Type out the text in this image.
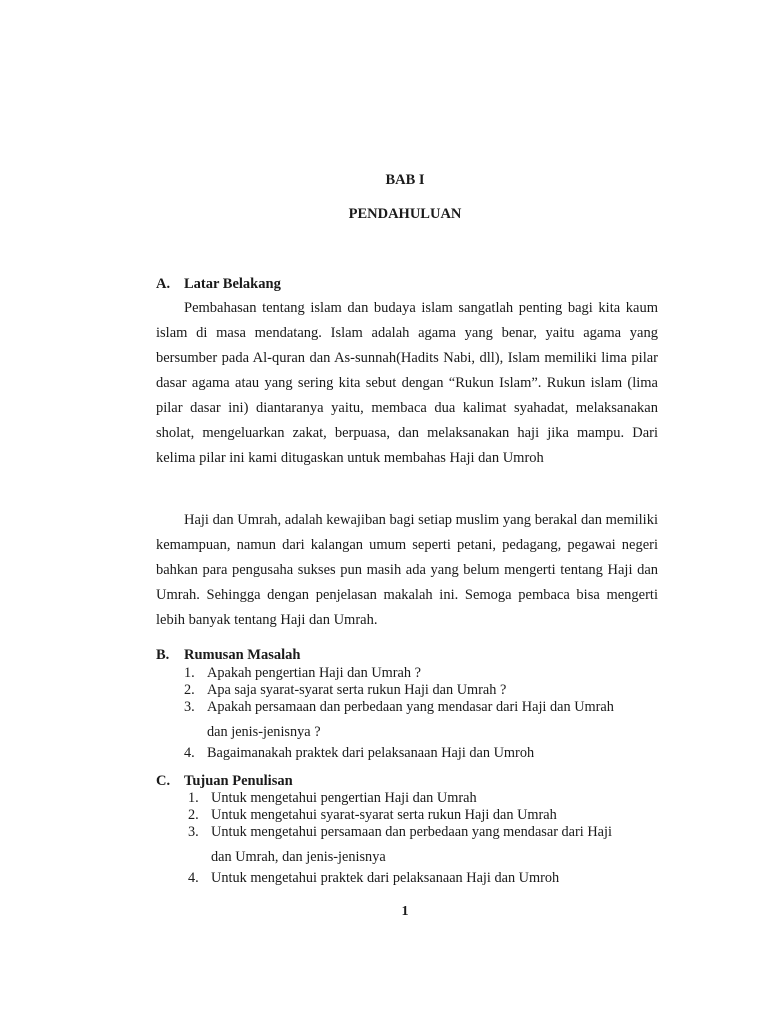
BAB I
PENDAHULUAN
A. Latar Belakang
Pembahasan tentang islam dan budaya islam sangatlah penting bagi kita kaum islam di masa mendatang. Islam adalah agama yang benar, yaitu agama yang bersumber pada Al-quran dan As-sunnah(Hadits Nabi, dll), Islam memiliki lima pilar dasar agama atau yang sering kita sebut dengan “Rukun Islam”. Rukun islam (lima pilar dasar ini) diantaranya yaitu, membaca dua kalimat syahadat, melaksanakan sholat, mengeluarkan zakat, berpuasa, dan melaksanakan haji jika mampu. Dari kelima pilar ini kami ditugaskan untuk membahas Haji dan Umroh
Haji dan Umrah, adalah kewajiban bagi setiap muslim yang berakal dan memiliki kemampuan, namun dari kalangan umum seperti petani, pedagang, pegawai negeri bahkan para pengusaha sukses pun masih ada yang belum mengerti tentang Haji dan Umrah. Sehingga dengan penjelasan makalah ini. Semoga pembaca bisa mengerti lebih banyak tentang Haji dan Umrah.
B. Rumusan Masalah
1. Apakah pengertian Haji dan Umrah ?
2. Apa saja syarat-syarat serta rukun Haji dan Umrah ?
3. Apakah persamaan dan perbedaan yang mendasar dari Haji dan Umrah
dan jenis-jenisnya ?
4. Bagaimanakah praktek dari pelaksanaan Haji dan Umroh
C. Tujuan Penulisan
1. Untuk mengetahui pengertian Haji dan Umrah
2. Untuk mengetahui syarat-syarat serta rukun Haji dan Umrah
3. Untuk mengetahui persamaan dan perbedaan yang mendasar dari Haji
dan Umrah, dan jenis-jenisnya
4. Untuk mengetahui praktek dari pelaksanaan Haji dan Umroh
1
